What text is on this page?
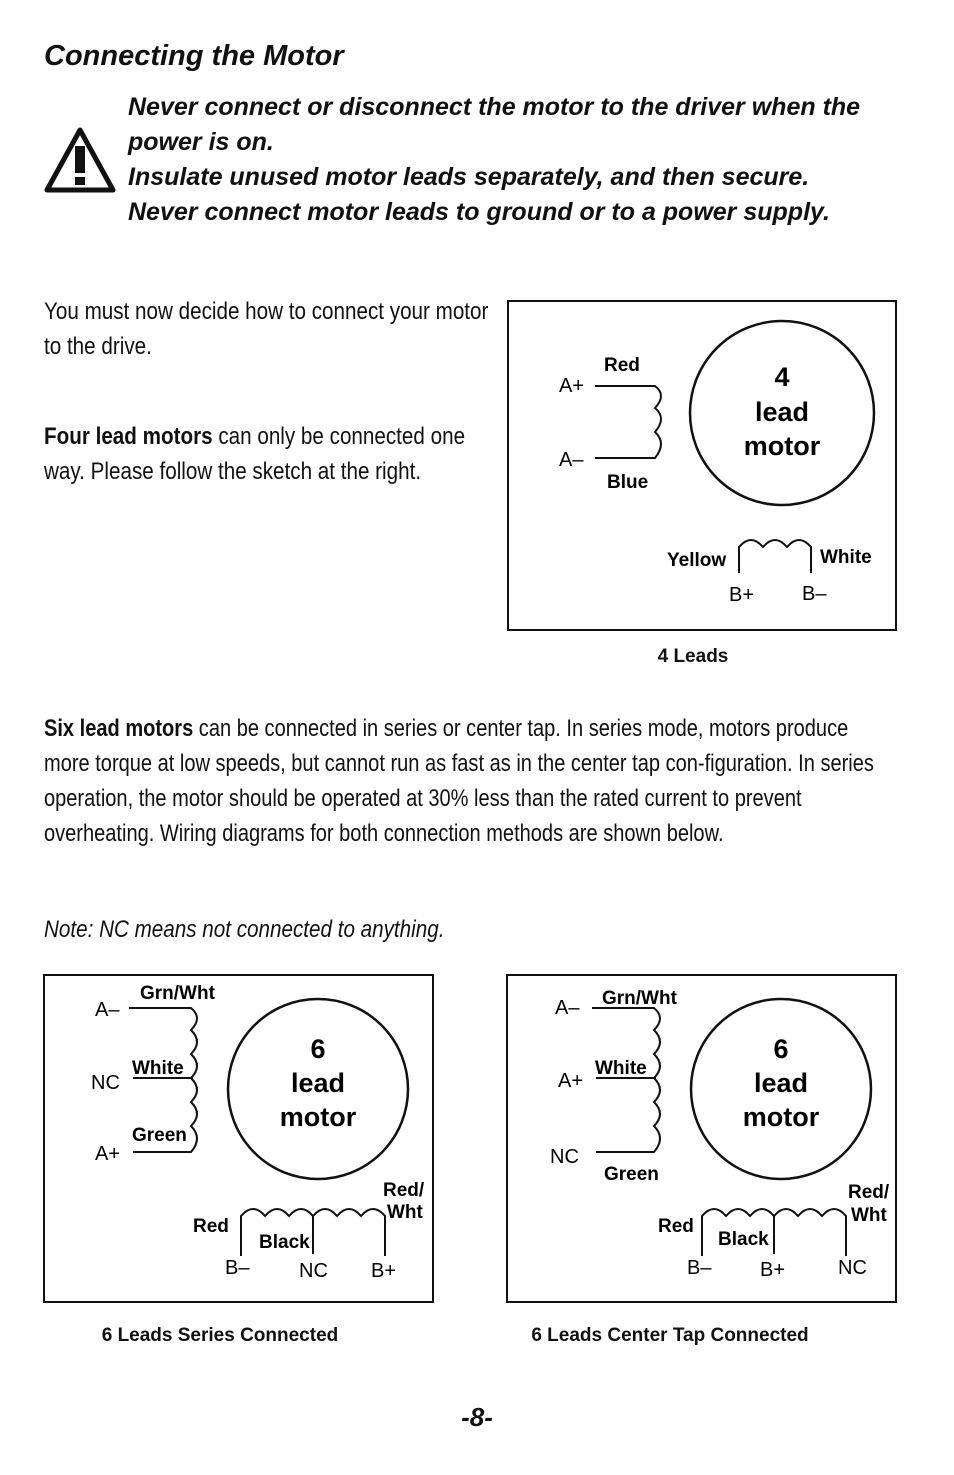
Connecting the Motor
Never connect or disconnect the motor to the driver when the
power is on.
Insulate unused motor leads separately, and then secure.
Never connect motor leads to ground or to a power supply.
You must now decide how to connect your motor to the drive.
Four lead motors can only be connected one way. Please follow the sketch at the right.
4
lead
motor
A+
A–
Red
Blue
Yellow	White
B+ B–
4 Leads
Six lead motors can be connected in series or center tap. In series mode, motors produce more torque at low speeds, but cannot run as fast as in the center tap con-figuration. In series operation, the motor should be operated at 30% less than the rated current to prevent overheating. Wiring diagrams for both connection methods are shown below.
Note: NC means not connected to anything.
6
lead
motor
A–
NC
A+
Grn/Wht
White
Green
Red
Black
Red/
Wht
B– NC B+
6 Leads Series Connected
6
lead
motor
A–
A+
NC
Grn/Wht
White
Green
Red
Black
Red/
Wht
B– B+	NC
6 Leads Center Tap Connected
-8-
